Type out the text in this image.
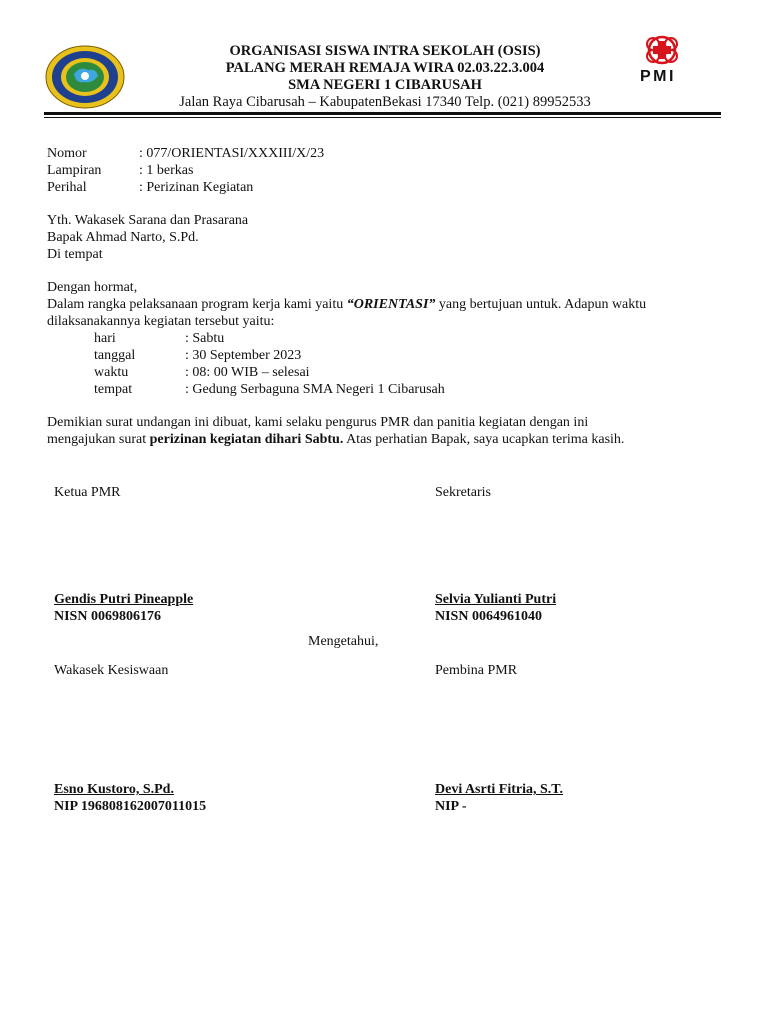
ORGANISASI SISWA INTRA SEKOLAH (OSIS)
PALANG MERAH REMAJA WIRA 02.03.22.3.004
SMA NEGERI 1 CIBARUSAH
Jalan Raya Cibarusah – KabupatenBekasi 17340 Telp. (021) 89952533
PMI
Nomor	: 077/ORIENTASI/XXXIII/X/23
Lampiran	: 1 berkas
Perihal	: Perizinan Kegiatan
Yth. Wakasek Sarana dan Prasarana
Bapak Ahmad Narto, S.Pd.
Di tempat
Dengan hormat,
Dalam rangka pelaksanaan program kerja kami yaitu “ORIENTASI” yang bertujuan untuk. Adapun waktu
dilaksanakannya kegiatan tersebut yaitu:
hari	: Sabtu
tanggal	: 30 September 2023
waktu	: 08: 00 WIB – selesai
tempat	: Gedung Serbaguna SMA Negeri 1 Cibarusah
Demikian surat undangan ini dibuat, kami selaku pengurus PMR dan panitia kegiatan dengan ini
mengajukan surat perizinan kegiatan dihari Sabtu. Atas perhatian Bapak, saya ucapkan terima kasih.
Ketua PMR	Sekretaris
Gendis Putri Pineapple	Selvia Yulianti Putri
NISN 0069806176	NISN 0064961040
Mengetahui,
Wakasek Kesiswaan	Pembina PMR
Esno Kustoro, S.Pd.	Devi Asrti Fitria, S.T.
NIP 196808162007011015	NIP -
